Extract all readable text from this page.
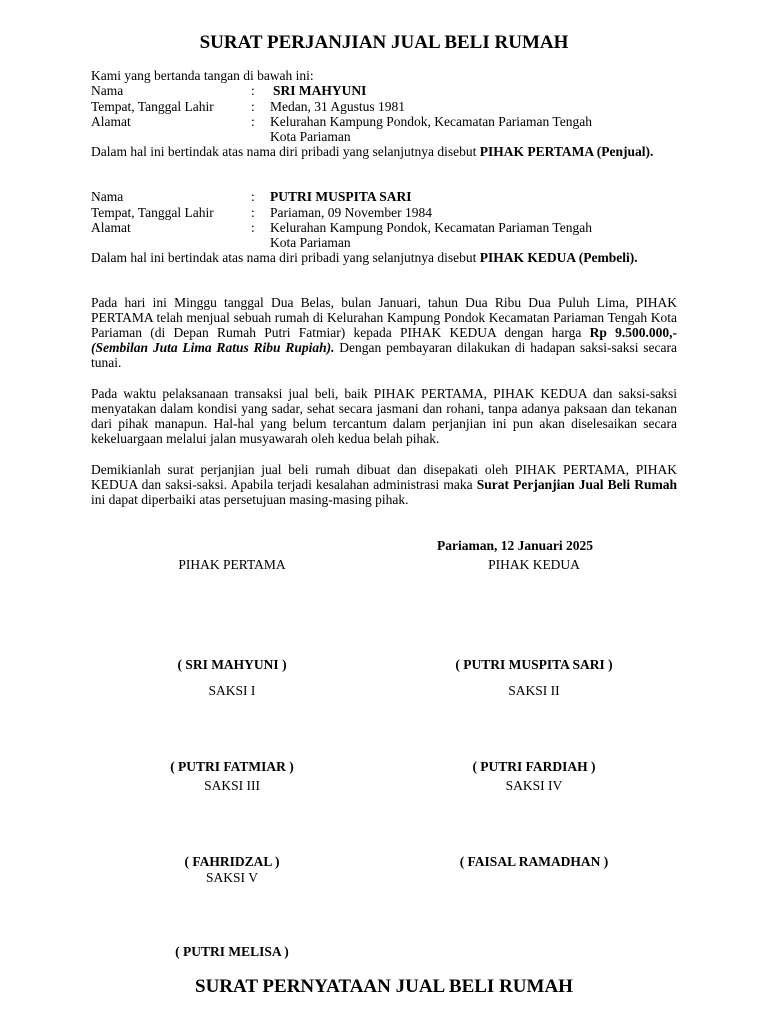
SURAT PERJANJIAN JUAL BELI RUMAH
Kami yang bertanda tangan di bawah ini:
Nama	: SRI MAHYUNI
Tempat, Tanggal Lahir	: Medan, 31 Agustus 1981
Alamat	: Kelurahan Kampung Pondok, Kecamatan Pariaman Tengah
Kota Pariaman
Dalam hal ini bertindak atas nama diri pribadi yang selanjutnya disebut PIHAK PERTAMA (Penjual).
Nama	: PUTRI MUSPITA SARI
Tempat, Tanggal Lahir	: Pariaman, 09 November 1984
Alamat	: Kelurahan Kampung Pondok, Kecamatan Pariaman Tengah
Kota Pariaman
Dalam hal ini bertindak atas nama diri pribadi yang selanjutnya disebut PIHAK KEDUA (Pembeli).
Pada hari ini Minggu tanggal Dua Belas, bulan Januari, tahun Dua Ribu Dua Puluh Lima, PIHAK PERTAMA telah menjual sebuah rumah di Kelurahan Kampung Pondok Kecamatan Pariaman Tengah Kota Pariaman (di Depan Rumah Putri Fatmiar) kepada PIHAK KEDUA dengan harga Rp 9.500.000,- (Sembilan Juta Lima Ratus Ribu Rupiah). Dengan pembayaran dilakukan di hadapan saksi-saksi secara tunai.
Pada waktu pelaksanaan transaksi jual beli, baik PIHAK PERTAMA, PIHAK KEDUA dan saksi-saksi menyatakan dalam kondisi yang sadar, sehat secara jasmani dan rohani, tanpa adanya paksaan dan tekanan dari pihak manapun. Hal-hal yang belum tercantum dalam perjanjian ini pun akan diselesaikan secara kekeluargaan melalui jalan musyawarah oleh kedua belah pihak.
Demikianlah surat perjanjian jual beli rumah dibuat dan disepakati oleh PIHAK PERTAMA, PIHAK KEDUA dan saksi-saksi. Apabila terjadi kesalahan administrasi maka Surat Perjanjian Jual Beli Rumah ini dapat diperbaiki atas persetujuan masing-masing pihak.
Pariaman, 12 Januari 2025
PIHAK PERTAMA	PIHAK KEDUA
( SRI MAHYUNI )	( PUTRI MUSPITA SARI )
SAKSI I	SAKSI II
( PUTRI FATMIAR )	( PUTRI FARDIAH )
SAKSI III	SAKSI IV
( FAHRIDZAL )	( FAISAL RAMADHAN )
SAKSI V
( PUTRI MELISA )
SURAT PERNYATAAN JUAL BELI RUMAH
